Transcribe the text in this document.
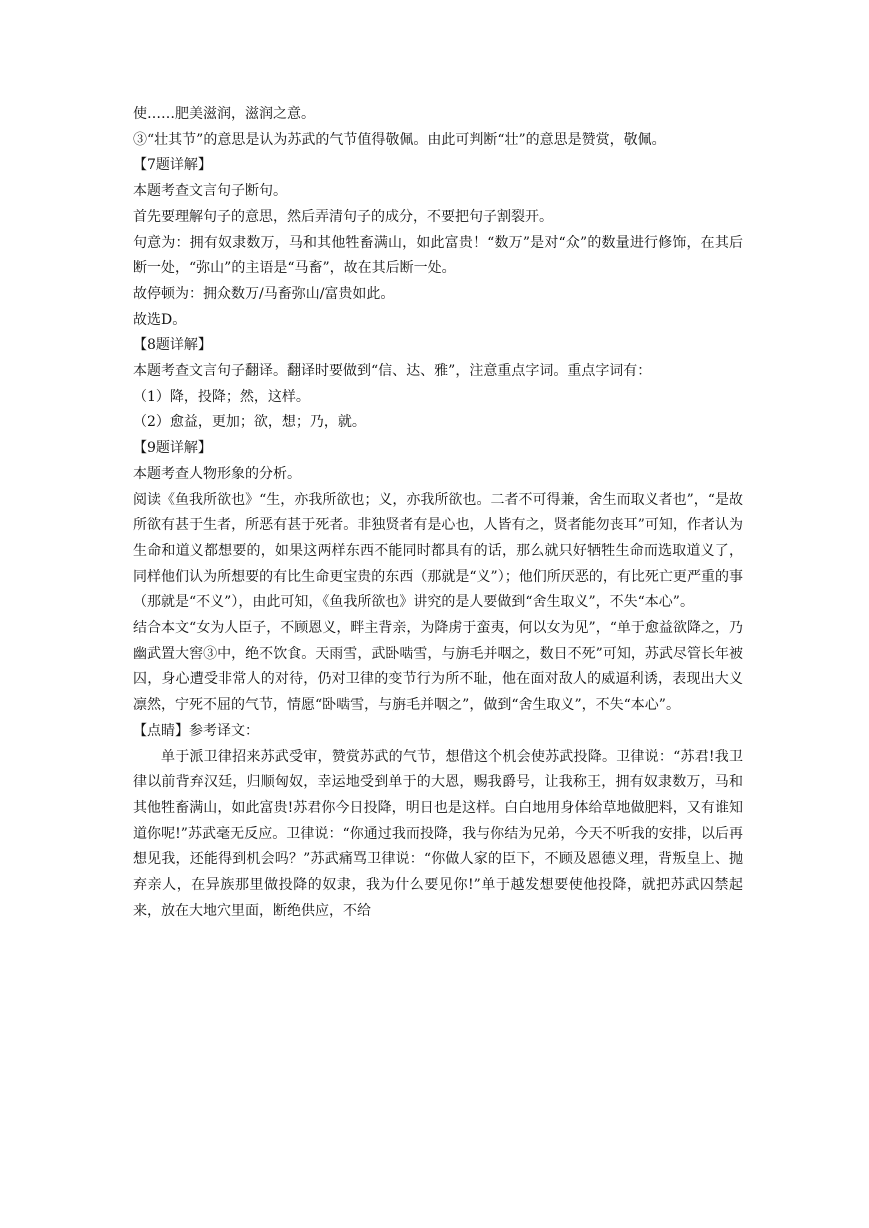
使……肥美滋润，滋润之意。

③“壮其节”的意思是认为苏武的气节值得敬佩。由此可判断“壮”的意思是赞赏，敬佩。

【7题详解】

本题考查文言句子断句。

首先要理解句子的意思，然后弄清句子的成分，不要把句子割裂开。

句意为：拥有奴隶数万，马和其他牲畜满山，如此富贵！“数万”是对“众”的数量进行修饰，在其后断一处，“弥山”的主语是“马畜”，故在其后断一处。

故停顿为：拥众数万/马畜弥山/富贵如此。

故选D。

【8题详解】

本题考查文言句子翻译。翻译时要做到“信、达、雅”，注意重点字词。重点字词有：

（1）降，投降；然，这样。

（2）愈益，更加；欲，想；乃，就。

【9题详解】

本题考查人物形象的分析。

阅读《鱼我所欲也》“生，亦我所欲也；义，亦我所欲也。二者不可得兼，舍生而取义者也”，“是故所欲有甚于生者，所恶有甚于死者。非独贤者有是心也，人皆有之，贤者能勿丧耳”可知，作者认为生命和道义都想要的，如果这两样东西不能同时都具有的话，那么就只好牺牲生命而选取道义了，同样他们认为所想要的有比生命更宝贵的东西（那就是“义”）；他们所厌恶的，有比死亡更严重的事（那就是“不义”），由此可知，《鱼我所欲也》讲究的是人要做到“舍生取义”，不失“本心”。

结合本文“女为人臣子，不顾恩义，畔主背亲，为降虏于蛮夷，何以女为见”，“单于愈益欲降之，乃幽武置大窖③中，绝不饮食。天雨雪，武卧啮雪，与旃毛并咽之，数日不死”可知，苏武尽管长年被囚，身心遭受非常人的对待，仍对卫律的变节行为所不耻，他在面对敌人的威逼利诱，表现出大义凛然，宁死不屈的气节，情愿“卧啮雪，与旃毛并咽之”，做到“舍生取义”，不失“本心”。

【点睛】参考译文：

单于派卫律招来苏武受审，赞赏苏武的气节，想借这个机会使苏武投降。卫律说：“苏君!我卫律以前背弃汉廷，归顺匈奴，幸运地受到单于的大恩，赐我爵号，让我称王，拥有奴隶数万，马和其他牲畜满山，如此富贵!苏君你今日投降，明日也是这样。白白地用身体给草地做肥料，又有谁知道你呢!”苏武毫无反应。卫律说：“你通过我而投降，我与你结为兄弟，今天不听我的安排，以后再想见我，还能得到机会吗？”苏武痛骂卫律说：“你做人家的臣下，不顾及恩德义理，背叛皇上、抛弃亲人，在异族那里做投降的奴隶，我为什么要见你!”单于越发想要使他投降，就把苏武囚禁起来，放在大地穴里面，断绝供应，不给
